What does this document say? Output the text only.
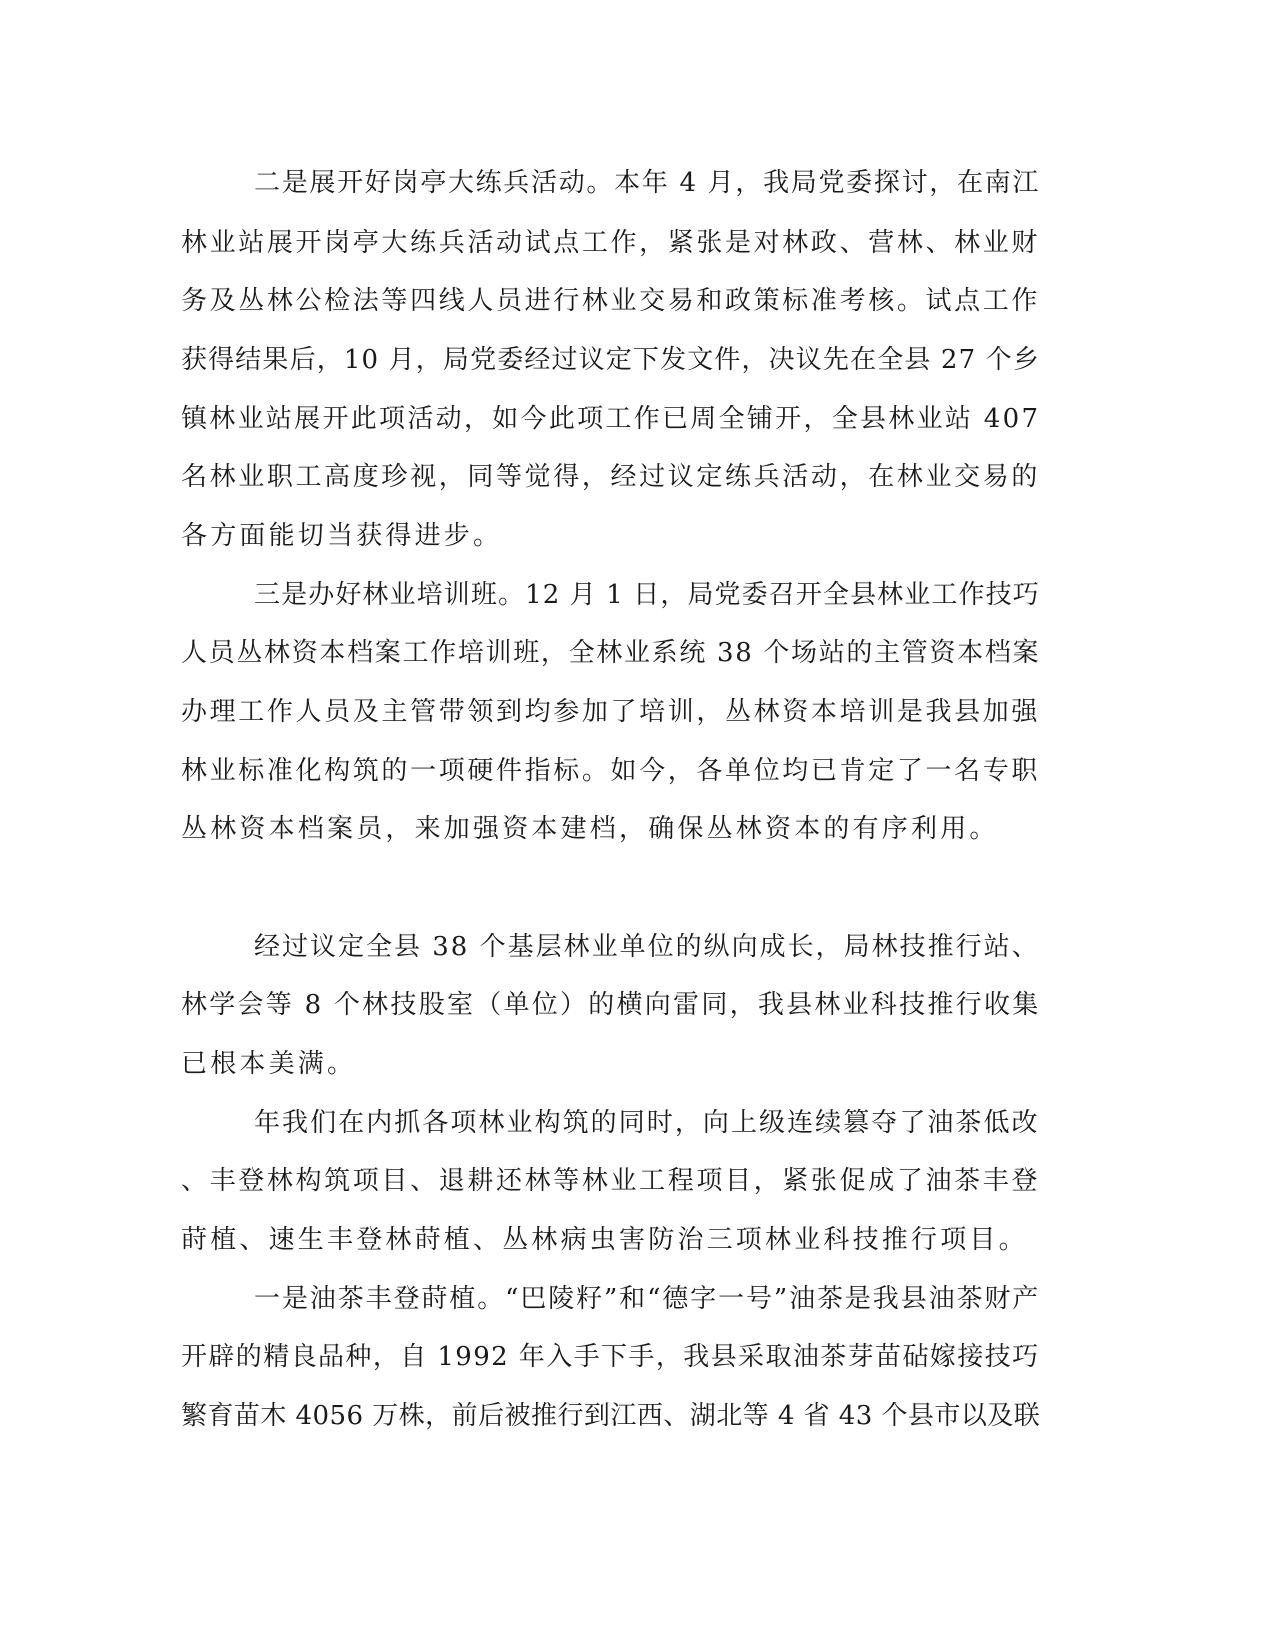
二是展开好岗亭大练兵活动。本年 4 月，我局党委探讨，在南江
林业站展开岗亭大练兵活动试点工作，紧张是对林政、营林、林业财
务及丛林公检法等四线人员进行林业交易和政策标准考核。试点工作
获得结果后，10 月，局党委经过议定下发文件，决议先在全县 27 个乡
镇林业站展开此项活动，如今此项工作已周全铺开，全县林业站 407
名林业职工高度珍视，同等觉得，经过议定练兵活动，在林业交易的
各方面能切当获得进步。
三是办好林业培训班。12 月 1 日，局党委召开全县林业工作技巧
人员丛林资本档案工作培训班，全林业系统 38 个场站的主管资本档案
办理工作人员及主管带领到均参加了培训，丛林资本培训是我县加强
林业标准化构筑的一项硬件指标。如今，各单位均已肯定了一名专职
丛林资本档案员，来加强资本建档，确保丛林资本的有序利用。
经过议定全县 38 个基层林业单位的纵向成长，局林技推行站、
林学会等 8 个林技股室（单位）的横向雷同，我县林业科技推行收集
已根本美满。
年我们在内抓各项林业构筑的同时，向上级连续篡夺了油茶低改
、丰登林构筑项目、退耕还林等林业工程项目，紧张促成了油茶丰登
莳植、速生丰登林莳植、丛林病虫害防治三项林业科技推行项目。
一是油茶丰登莳植。“巴陵籽”和“德字一号”油茶是我县油茶财产
开辟的精良品种，自 1992 年入手下手，我县采取油茶芽苗砧嫁接技巧
繁育苗木 4056 万株，前后被推行到江西、湖北等 4 省 43 个县市以及联
